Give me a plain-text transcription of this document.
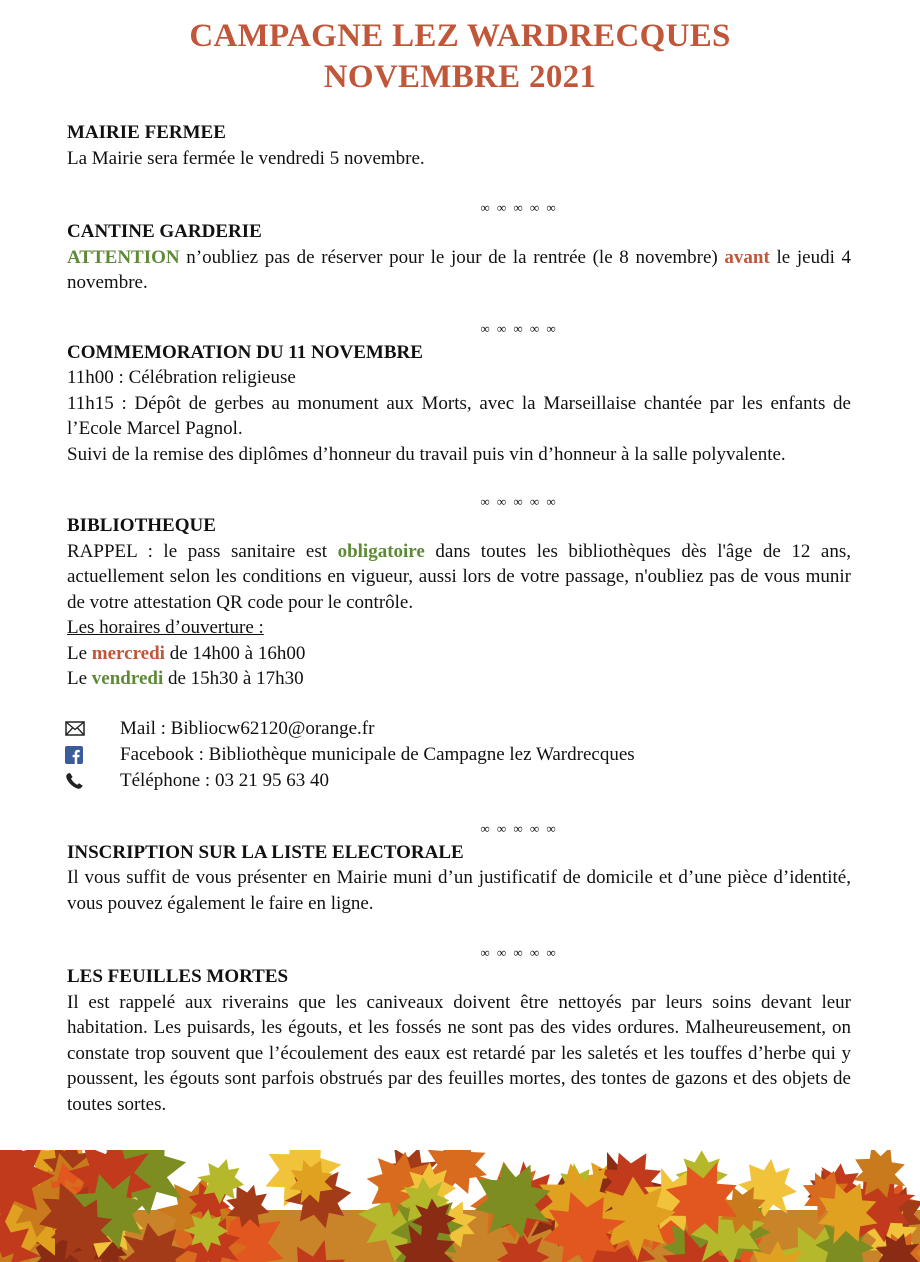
CAMPAGNE LEZ WARDRECQUES
NOVEMBRE 2021
MAIRIE FERMEE

La Mairie sera fermée le vendredi 5 novembre.

∞ ∞ ∞ ∞ ∞
CANTINE GARDERIE

ATTENTION n’oubliez pas de réserver pour le jour de la rentrée (le 8 novembre) avant le jeudi 4 novembre.

∞ ∞ ∞ ∞ ∞
COMMEMORATION DU 11 NOVEMBRE

11h00 : Célébration religieuse

11h15 : Dépôt de gerbes au monument aux Morts, avec la Marseillaise chantée par les enfants de l’Ecole Marcel Pagnol.

Suivi de la remise des diplômes d’honneur du travail puis vin d’honneur à la salle polyvalente.

∞ ∞ ∞ ∞ ∞
BIBLIOTHEQUE

RAPPEL : le pass sanitaire est obligatoire dans toutes les bibliothèques dès l'âge de 12 ans, actuellement selon les conditions en vigueur, aussi lors de votre passage, n'oubliez pas de vous munir de votre attestation QR code pour le contrôle.

Les horaires d’ouverture :

Le mercredi de 14h00 à 16h00

Le vendredi de 15h30 à 17h30

Mail : Bibliocw62120@orange.fr
Facebook : Bibliothèque municipale de Campagne lez Wardrecques
Téléphone : 03 21 95 63 40
∞ ∞ ∞ ∞ ∞
INSCRIPTION SUR LA LISTE ELECTORALE

Il vous suffit de vous présenter en Mairie muni d’un justificatif de domicile et d’une pièce d’identité, vous pouvez également le faire en ligne.

∞ ∞ ∞ ∞ ∞
LES FEUILLES MORTES

Il est rappelé aux riverains que les caniveaux doivent être nettoyés par leurs soins devant leur habitation. Les puisards, les égouts, et les fossés ne sont pas des vides ordures. Malheureusement, on constate trop souvent que l’écoulement des eaux est retardé par les saletés et les touffes d’herbe qui y poussent, les égouts sont parfois obstrués par des feuilles mortes, des tontes de gazons et des objets de toutes sortes.
